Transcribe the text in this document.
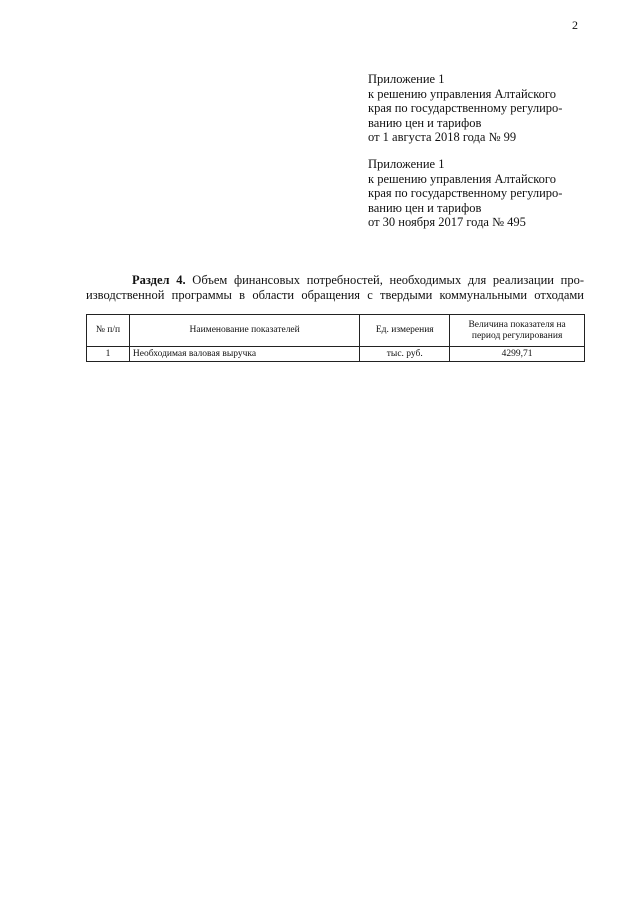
2
Приложение 1
к решению управления Алтайского
края по государственному регулиро-
ванию цен и тарифов
от 1 августа 2018 года № 99
Приложение 1
к решению управления Алтайского
края по государственному регулиро-
ванию цен и тарифов
от 30 ноября 2017 года № 495
Раздел 4. Объем финансовых потребностей, необходимых для реализации про-
изводственной программы в области обращения с твердыми коммунальными отходами
№ п/п	Наименование показателей	Ед. измерения	Величина показателя на период регулирования
1	Необходимая валовая выручка	тыс. руб.	4299,71
